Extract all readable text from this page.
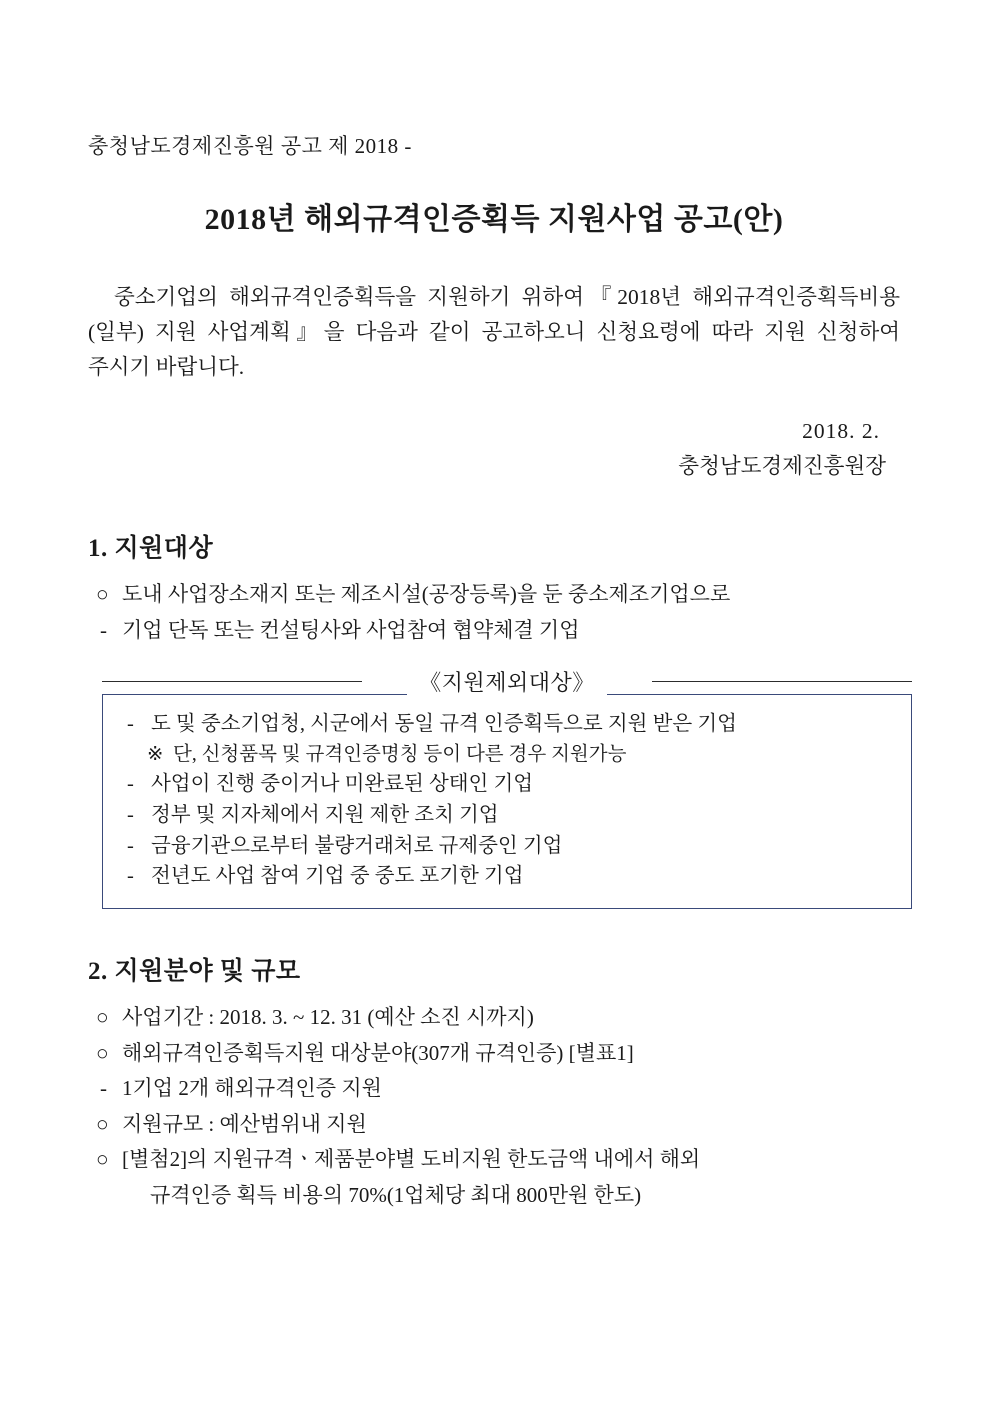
충청남도경제진흥원 공고 제 2018 -

2018년 해외규격인증획득 지원사업 공고(안)

중소기업의 해외규격인증획득을 지원하기 위하여『2018년 해외규격인증획득비용(일부) 지원 사업계획』을 다음과 같이 공고하오니 신청요령에 따라 지원 신청하여 주시기 바랍니다.

2018. 2.
충청남도경제진흥원장
1. 지원대상
○ 도내 사업장소재지 또는 제조시설(공장등록)을 둔 중소제조기업으로
- 기업 단독 또는 컨설팅사와 사업참여 협약체결 기업
《지원제외대상》
- 도 및 중소기업청, 시군에서 동일 규격 인증획득으로 지원 받은 기업
※ 단, 신청품목 및 규격인증명칭 등이 다른 경우 지원가능
- 사업이 진행 중이거나 미완료된 상태인 기업
- 정부 및 지자체에서 지원 제한 조치 기업
- 금융기관으로부터 불량거래처로 규제중인 기업
- 전년도 사업 참여 기업 중 중도 포기한 기업
2. 지원분야 및 규모
○ 사업기간 : 2018. 3. ~ 12. 31 (예산 소진 시까지)
○ 해외규격인증획득지원 대상분야(307개 규격인증) [별표1]
- 1기업 2개 해외규격인증 지원
○ 지원규모 : 예산범위내 지원
○ [별첨2]의 지원규격ㆍ제품분야별 도비지원 한도금액 내에서 해외
규격인증 획득 비용의 70%(1업체당 최대 800만원 한도)
